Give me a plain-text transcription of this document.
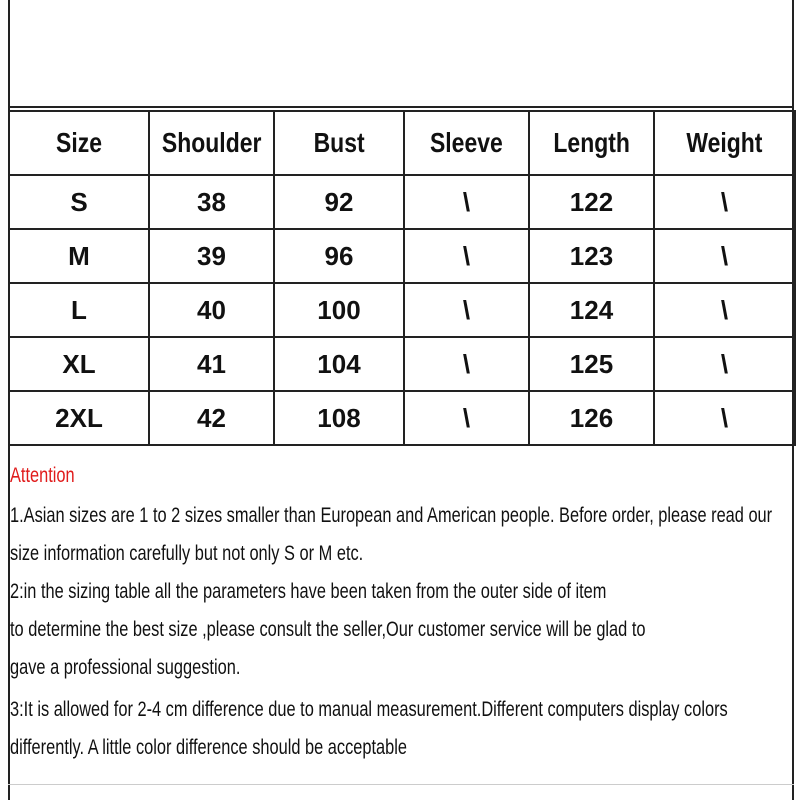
Size	Shoulder	Bust	Sleeve	Length	Weight
S	38	92	\	122	\
M	39	96	\	123	\
L	40	100	\	124	\
XL	41	104	\	125	\
2XL	42	108	\	126	\
Attention
1.Asian sizes are 1 to 2 sizes smaller than European and American people. Before order, please read our
size information carefully but not only S or M etc.
2:in the sizing table all the parameters have been taken from the outer side of item
to determine the best size ,please consult the seller,Our customer service will be glad to
gave a professional suggestion.
3:It is allowed for 2-4 cm difference due to manual measurement.Different computers display colors
differently. A little color difference should be acceptable
